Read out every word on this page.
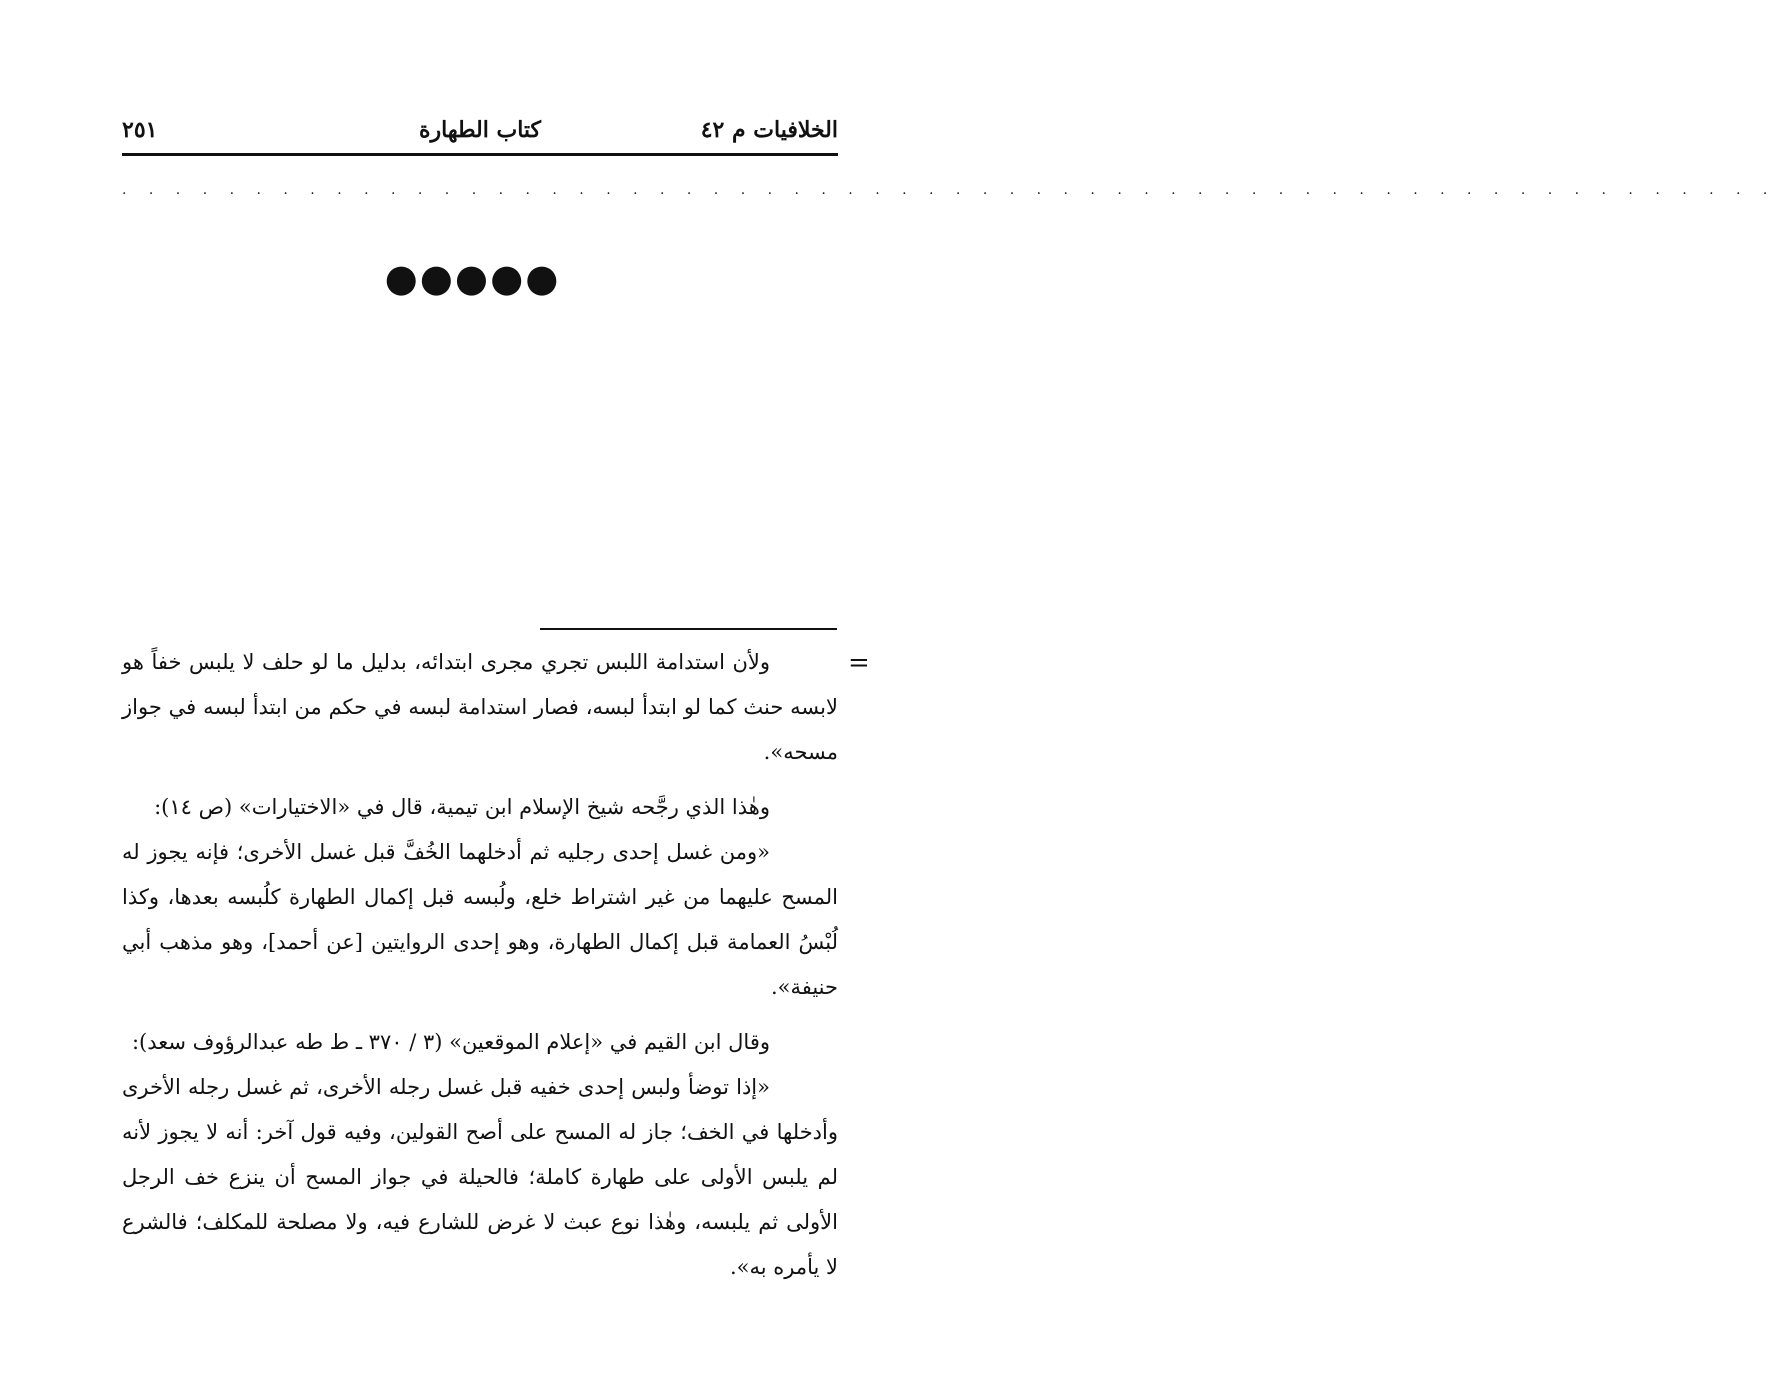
الخلافيات م ٤٢
كتاب الطهارة
٢٥١
. . . . . . . . . . . . . . . . . . . . . . . . . . . . . . . . . . . . . . . . . . . . . . . . . . . . . . . . . . . . . .
●●●●●
=

ولأن استدامة اللبس تجري مجرى ابتدائه، بدليل ما لو حلف لا يلبس خفاً هو لابسه حنث كما لو ابتدأ لبسه، فصار استدامة لبسه في حكم من ابتدأ لبسه في جواز مسحه».

وهٰذا الذي رجَّحه شيخ الإسلام ابن تيمية، قال في «الاختيارات» (ص ١٤):

«ومن غسل إحدى رجليه ثم أدخلهما الخُفَّ قبل غسل الأخرى؛ فإنه يجوز له المسح عليهما من غير اشتراط خلع، ولُبسه قبل إكمال الطهارة كلُبسه بعدها، وكذا لُبْسُ العمامة قبل إكمال الطهارة، وهو إحدى الروايتين [عن أحمد]، وهو مذهب أبي حنيفة».

وقال ابن القيم في «إعلام الموقعين» (٣ / ٣٧٠ ـ ط طه عبدالرؤوف سعد):

«إذا توضأ ولبس إحدى خفيه قبل غسل رجله الأخرى، ثم غسل رجله الأخرى وأدخلها في الخف؛ جاز له المسح على أصح القولين، وفيه قول آخر: أنه لا يجوز لأنه لم يلبس الأولى على طهارة كاملة؛ فالحيلة في جواز المسح أن ينزع خف الرجل الأولى ثم يلبسه، وهٰذا نوع عبث لا غرض للشارع فيه، ولا مصلحة للمكلف؛ فالشرع لا يأمره به».
